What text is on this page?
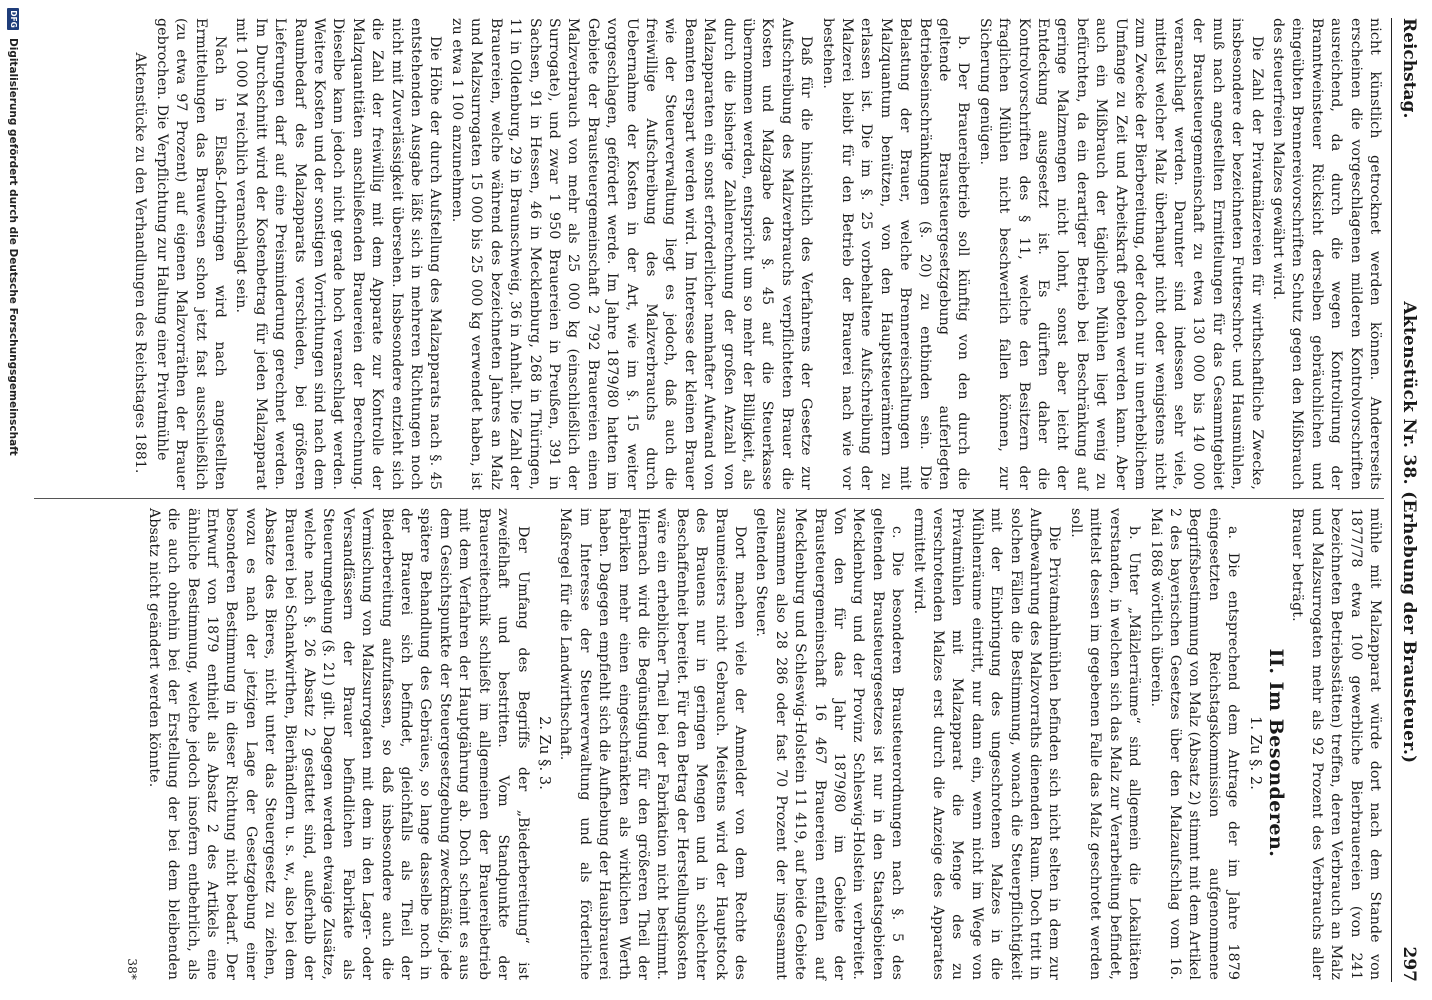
Reichstag.
Aktenstück Nr. 38. (Erhebung der Brausteuer.)
297

nicht künstlich getrocknet werden können. Andererseits erscheinen die vorgeschlagenen milderen Kontrolvorschriften ausreichend, da durch die wegen Kontrolirung der Branntweinsteuer Rücksicht derselben gebräuchlichen und eingeübten Brennereivorschriften Schutz gegen den Mißbrauch des steuerfreien Malzes gewährt wird.

Die Zahl der Privatmälzereien für wirthschaftliche Zwecke, insbesondere der bezeichneten Futterschrot- und Hausmühlen, muß nach angestellten Ermittelungen für das Gesammtgebiet der Brausteuergemeinschaft zu etwa 130 000 bis 140 000 veranschlagt werden. Darunter sind indessen sehr viele, mittelst welcher Malz überhaupt nicht oder wenigstens nicht zum Zwecke der Bierbereitung, oder doch nur in unerheblichem Umfange zu Zeit und Arbeitskraft geboten werden kann. Aber auch ein Mißbrauch der täglichen Mühlen liegt wenig zu befürchten, da ein derartiger Betrieb bei Beschränkung auf geringe Malzmengen nicht lohnt, sonst aber leicht der Entdeckung ausgesetzt ist. Es dürften daher die Kontrolvorschriften des § 11, welche den Besitzern der fraglichen Mühlen nicht beschwerlich fallen können, zur Sicherung genügen.

b. Der Brauereibetrieb soll künftig von den durch die geltende Brausteuergesetzgebung auferlegten Betriebseinschränkungen (§. 20) zu entbinden sein. Die Belastung der Brauer, welche Brennereischaltungen mit Malzquantum benützen, von den Hauptsteuerämtern zu erlassen ist. Die im §. 25 vorbehaltene Aufschreibung der Malzerei bleibt für den Betrieb der Brauerei nach wie vor bestehen.

Daß für die hinsichtlich des Verfahrens der Gesetze zur Aufschreibung des Malzverbrauchs verpflichteten Brauer die Kosten und Malzgabe des §. 45 auf die Steuerkasse übernommen werden, entspricht um so mehr der Billigkeit, als durch die bisherige Zahlenrechnung der großen Anzahl von Malzapparaten ein sonst erforderlicher namhafter Aufwand von Beamten erspart werden wird. Im Interesse der kleinen Brauer wie der Steuerverwaltung liegt es jedoch, daß auch die freiwillige Aufschreibung des Malzverbrauchs durch Uebernahme der Kosten in der Art, wie im §. 15 weiter vorgeschlagen, gefördert werde. Im Jahre 1879/80 hatten im Gebiete der Brausteuergemeinschaft 2 792 Brauereien einen Malzverbrauch von mehr als 25 000 kg (einschließlich der Surrogate), und zwar 1 950 Brauereien in Preußen, 391 in Sachsen, 91 in Hessen, 46 in Mecklenburg, 268 in Thüringen, 11 in Oldenburg, 29 in Braunschweig, 36 in Anhalt. Die Zahl der Brauereien, welche während des bezeichneten Jahres an Malz und Malzsurrogaten 15 000 bis 25 000 kg verwendet haben, ist zu etwa 1 100 anzunehmen.

Die Höhe der durch Aufstellung des Malzapparats nach §. 45 entstehenden Ausgabe läßt sich in mehreren Richtungen noch nicht mit Zuverlässigkeit übersehen. Insbesondere entzieht sich die Zahl der freiwillig mit dem Apparate zur Kontrolle der Malzquantitäten anschließenden Brauereien der Berechnung. Dieselbe kann jedoch nicht gerade hoch veranschlagt werden. Weitere Kosten und der sonstigen Vorrichtungen sind nach dem Raumbedarf des Malzapparats verschieden, bei größeren Lieferungen darf auf eine Preisminderung gerechnet werden. Im Durchschnitt wird der Kostenbetrag für jeden Malzapparat mit 1 000 M reichlich veranschlagt sein.

Nach in Elsaß-Lothringen wird nach angestellten Ermittelungen das Brauwesen schon jetzt fast ausschließlich (zu etwa 97 Prozent) auf eigenen Malzvorräthen der Brauer gebrochen. Die Verpflichtung zur Haltung einer Privatmühle

Aktenstücke zu den Verhandlungen des Reichstages 1881.

mühle mit Malzapparat würde dort nach dem Stande von 1877/78 etwa 100 gewerbliche Bierbrauereien (von 241 bezeichneten Betriebsstätten) treffen, deren Verbrauch an Malz und Malzsurrogaten mehr als 92 Prozent des Verbrauchs aller Brauer beträgt.

II. Im Besonderen.

1. Zu §. 2.

a. Die entsprechend dem Antrage der im Jahre 1879 eingesetzten Reichstagskommission aufgenommene Begriffsbestimmung von Malz (Absatz 2) stimmt mit dem Artikel 2 des bayerischen Gesetzes über den Malzaufschlag vom 16. Mai 1868 wörtlich überein.

b. Unter „Mälzlerräume“ sind allgemein die Lokalitäten verstanden, in welchen sich das Malz zur Verarbeitung befindet, mittelst dessen im gegebenen Falle das Malz geschrotet werden soll.

Die Privatmahlmühlen befinden sich nicht selten in dem zur Aufbewahrung des Malzvorraths dienenden Raum. Doch tritt in solchen Fällen die Bestimmung, wonach die Steuerpflichtigkeit mit der Einbringung des ungeschrotenen Malzes in die Mühlenräume eintritt, nur dann ein, wenn nicht im Wege von Privatmühlen mit Malzapparat die Menge des zu verschrotenden Malzes erst durch die Anzeige des Apparates ermittelt wird.

c. Die besonderen Brausteuerordnungen nach §. 5 des geltenden Brausteuergesetzes ist nur in den Staatsgebieten Mecklenburg und der Provinz Schleswig-Holstein verbreitet. Von den für das Jahr 1879/80 im Gebiete der Brausteuergemeinschaft 16 467 Brauereien entfallen auf Mecklenburg und Schleswig-Holstein 11 419, auf beide Gebiete zusammen also 28 286 oder fast 70 Prozent der insgesammt geltenden Steuer.

Dort machen viele der Anmelder von dem Rechte des Braumeisters nicht Gebrauch. Meistens wird der Hauptstock des Brauens nur in geringen Mengen und in schlechter Beschaffenheit bereitet. Für den Betrag der Herstellungskosten wäre ein erheblicher Theil bei der Fabrikation nicht bestimmt. Hiernach wird die Begünstigung für den größeren Theil der Fabriken mehr einen eingeschränkten als wirklichen Werth haben. Dagegen empfiehlt sich die Aufhebung der Hausbrauerei im Interesse der Steuerverwaltung und als förderliche Maßregel für die Landwirthschaft.

2. Zu §. 3.

Der Umfang des Begriffs der „Biederbereitung“ ist zweifelhaft und bestritten. Vom Standpunkte der Brauereitechnik schließt im allgemeinen der Brauereibetrieb mit dem Verfahren der Hauptgährung ab. Doch scheint es aus dem Gesichtspunkte der Steuergesetzgebung zweckmäßig, jede spätere Behandlung des Gebräues, so lange dasselbe noch in der Brauerei sich befindet, gleichfalls als Theil der Biederbereitung aufzufassen, so daß insbesondere auch die Vermischung von Malzsurrogaten mit dem in den Lager- oder Versandfässern der Brauer befindlichen Fabrikate als Steuerumgehung (§. 21) gilt. Dagegen werden etwaige Zusätze, welche nach §. 26 Absatz 2 gestattet sind, außerhalb der Brauerei bei Schankwirthen, Bierhändlern u. s. w., also bei dem Absatze des Bieres, nicht unter das Steuergesetz zu ziehen, wozu es nach der jetzigen Lage der Gesetzgebung einer besonderen Bestimmung in dieser Richtung nicht bedarf. Der Entwurf von 1879 enthielt als Absatz 2 des Artikels eine ähnliche Bestimmung, welche jedoch insofern entbehrlich, als die auch ohnehin bei der Erstellung der bei dem bleibenden Absatz nicht geändert werden könnte.

38*

DFG
Digitalisierung gefördert durch die Deutsche Forschungsgemeinschaft
